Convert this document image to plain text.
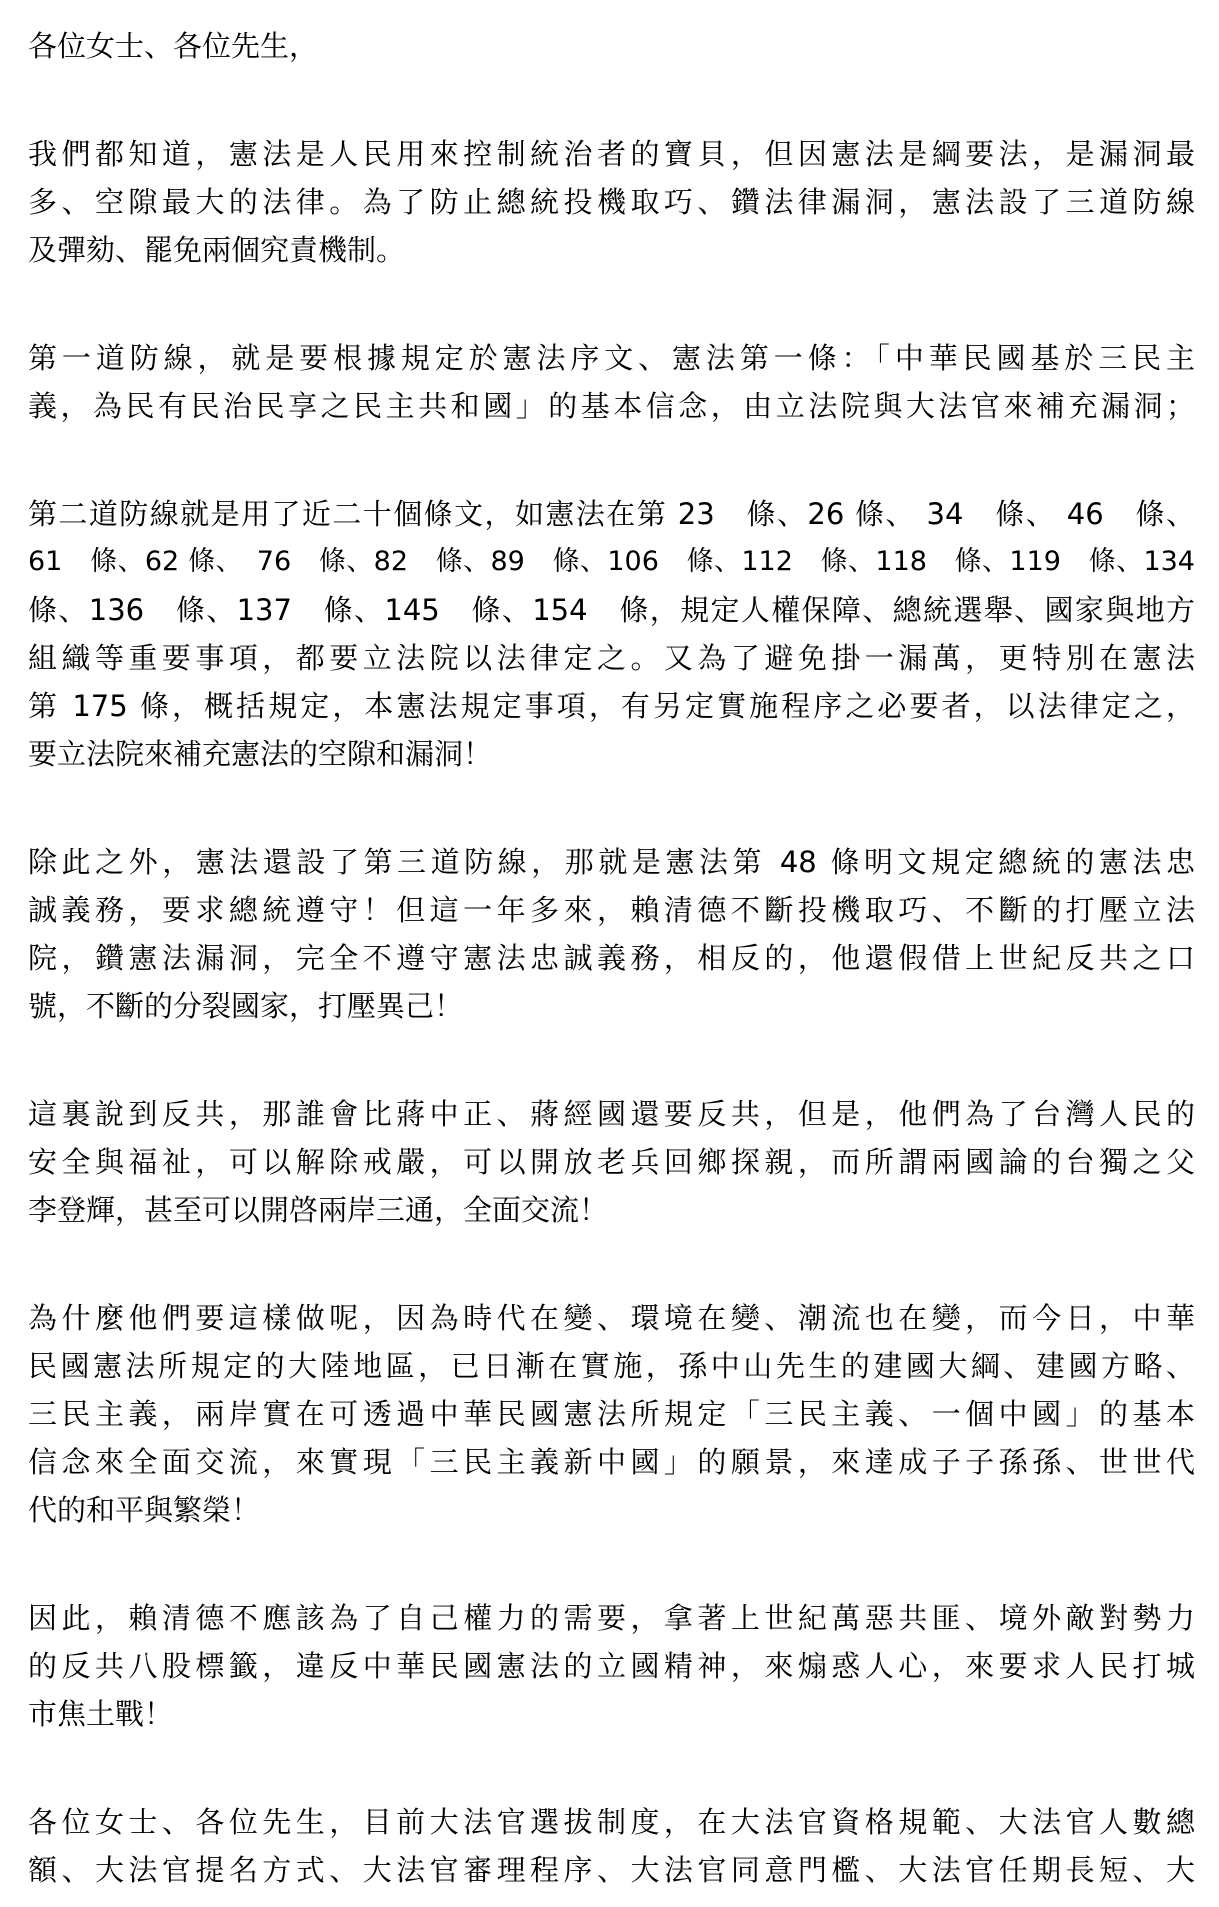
各位女士、各位先生，
我們都知道，憲法是人民用來控制統治者的寶貝，但因憲法是綱要法，是漏洞最
多、空隙最大的法律。為了防止總統投機取巧、鑽法律漏洞，憲法設了三道防線
及彈劾、罷免兩個究責機制。
第一道防線，就是要根據規定於憲法序文、憲法第一條：「中華民國基於三民主
義，為民有民治民享之民主共和國」的基本信念，由立法院與大法官來補充漏洞；
第二道防線就是用了近二十個條文，如憲法在第 23　條、26 條、 34　條、 46　條、
61　條、62 條、　76　條、82　條、89　條、106　條、112　條、118　條、119　條、134
條、136　條、137　條、145　條、154　條，規定人權保障、總統選舉、國家與地方
組織等重要事項，都要立法院以法律定之。又為了避免掛一漏萬，更特別在憲法
第 175 條，概括規定，本憲法規定事項，有另定實施程序之必要者，以法律定之，
要立法院來補充憲法的空隙和漏洞！
除此之外，憲法還設了第三道防線，那就是憲法第 48 條明文規定總統的憲法忠
誠義務，要求總統遵守！但這一年多來，賴清德不斷投機取巧、不斷的打壓立法
院，鑽憲法漏洞，完全不遵守憲法忠誠義務，相反的，他還假借上世紀反共之口
號，不斷的分裂國家，打壓異己！
這裏說到反共，那誰會比蔣中正、蔣經國還要反共，但是，他們為了台灣人民的
安全與福祉，可以解除戒嚴，可以開放老兵回鄉探親，而所謂兩國論的台獨之父
李登輝，甚至可以開啓兩岸三通，全面交流！
為什麼他們要這樣做呢，因為時代在變、環境在變、潮流也在變，而今日，中華
民國憲法所規定的大陸地區，已日漸在實施，孫中山先生的建國大綱、建國方略、
三民主義，兩岸實在可透過中華民國憲法所規定「三民主義、一個中國」的基本
信念來全面交流，來實現「三民主義新中國」的願景，來達成子子孫孫、世世代
代的和平與繁榮！
因此，賴清德不應該為了自己權力的需要，拿著上世紀萬惡共匪、境外敵對勢力
的反共八股標籤，違反中華民國憲法的立國精神，來煽惑人心，來要求人民打城
市焦土戰！
各位女士、各位先生，目前大法官選拔制度，在大法官資格規範、大法官人數總
額、大法官提名方式、大法官審理程序、大法官同意門檻、大法官任期長短、大
